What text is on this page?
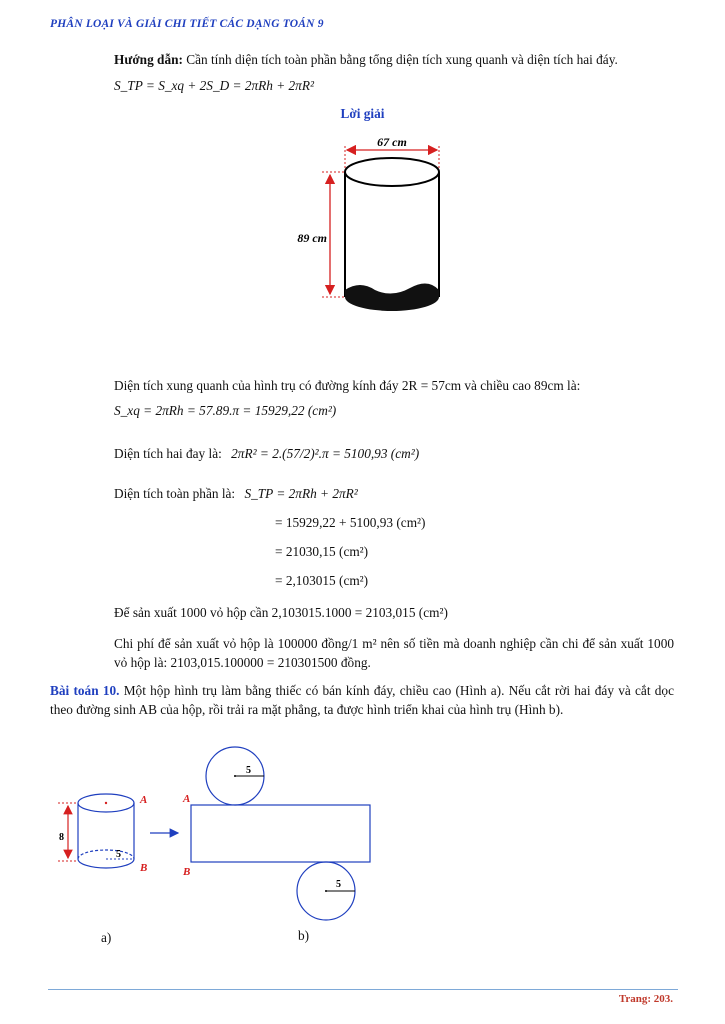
PHÂN LOẠI VÀ GIẢI CHI TIẾT CÁC DẠNG TOÁN 9
Hướng dẫn: Cần tính diện tích toàn phần bằng tổng diện tích xung quanh và diện tích hai đáy.
S_TP = S_xq + 2S_D = 2πRh + 2πR²
Lời giải
67 cm
89 cm
Diện tích xung quanh của hình trụ có đường kính đáy 2R = 57cm và chiều cao 89cm là:
S_xq = 2πRh = 57.89.π = 15929,22 (cm²)
Diện tích hai đay là: 2πR² = 2.(57/2)².π = 5100,93 (cm²)
Diện tích toàn phần là: S_TP = 2πRh + 2πR²
= 15929,22 + 5100,93 (cm²)
= 21030,15 (cm²)
= 2,103015 (cm²)
Để sản xuất 1000 vỏ hộp cần 2,103015.1000 = 2103,015 (cm²)
Chi phí để sản xuất vỏ hộp là 100000 đồng/1 m² nên số tiền mà doanh nghiệp cần chi để sản xuất 1000 vỏ hộp là: 2103,015.100000 = 210301500 đồng.
Bài toán 10. Một hộp hình trụ làm bằng thiếc có bán kính đáy, chiều cao (Hình a). Nếu cắt rời hai đáy và cắt dọc theo đường sinh AB của hộp, rồi trải ra mặt phẳng, ta được hình triển khai của hình trụ (Hình b).
5
8
A
B
5
A
B
5
a)	b)
Trang: 203.
